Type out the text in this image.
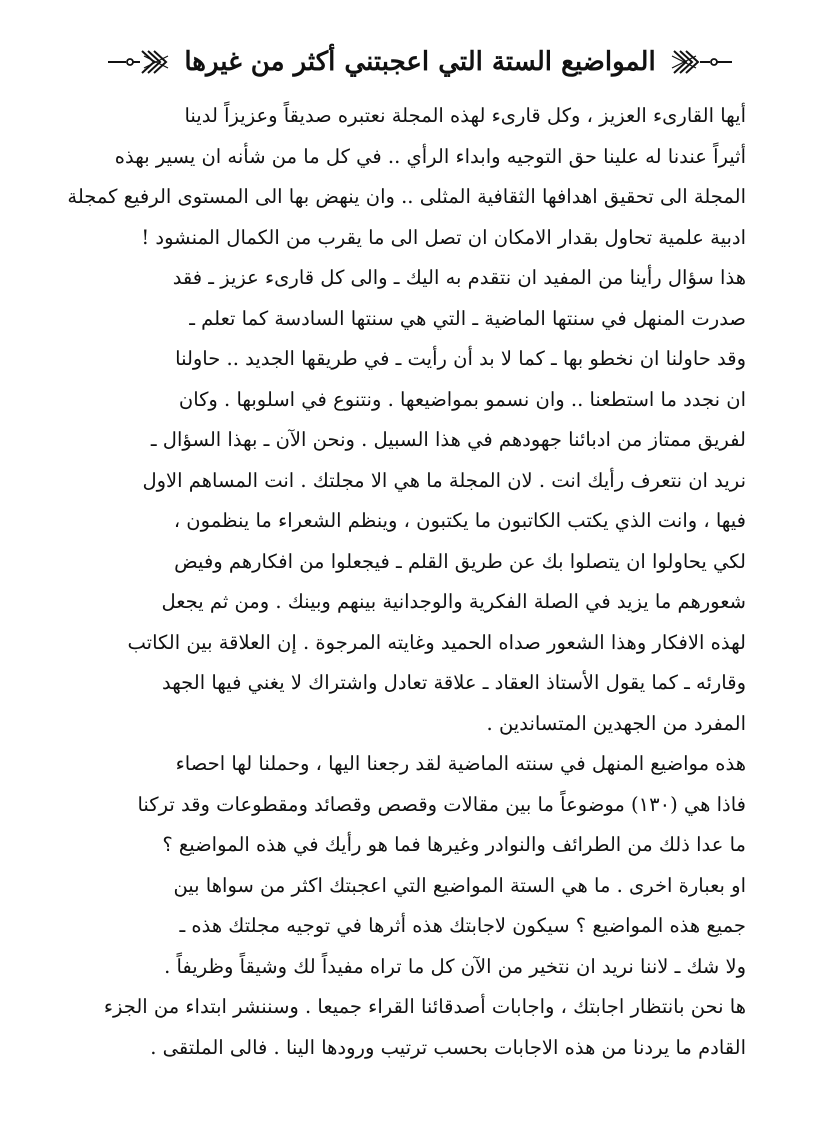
المواضيع الستة التي اعجبتني أكثر من غيرها

أيها القارىء العزيز ، وكل قارىء لهذه المجلة نعتبره صديقاً وعزيزاً لدينا
أثيراً عندنا له علينا حق التوجيه وابداء الرأي .. في كل ما من شأنه ان يسير بهذه
المجلة الى تحقيق اهدافها الثقافية المثلى .. وان ينهض بها الى المستوى الرفيع كمجلة
ادبية علمية تحاول بقدار الامكان ان تصل الى ما يقرب من الكمال المنشود !

هذا سؤال رأينا من المفيد ان نتقدم به اليك ـ والى كل قارىء عزيز ـ فقد
صدرت المنهل في سنتها الماضية ـ التي هي سنتها السادسة كما تعلم ـ

وقد حاولنا ان نخطو بها ـ كما لا بد أن رأيت ـ في طريقها الجديد .. حاولنا
ان نجدد ما استطعنا .. وان نسمو بمواضيعها . ونتنوع في اسلوبها . وكان
لفريق ممتاز من ادبائنا جهودهم في هذا السبيل . ونحن الآن ـ بهذا السؤال ـ
نريد ان نتعرف رأيك انت . لان المجلة ما هي الا مجلتك . انت المساهم الاول
فيها ، وانت الذي يكتب الكاتبون ما يكتبون ، وينظم الشعراء ما ينظمون ،
لكي يحاولوا ان يتصلوا بك عن طريق القلم ـ فيجعلوا من افكارهم وفيض
شعورهم ما يزيد في الصلة الفكرية والوجدانية بينهم وبينك . ومن ثم يجعل
لهذه الافكار وهذا الشعور صداه الحميد وغايته المرجوة . إن العلاقة بين الكاتب
وقارئه ـ كما يقول الأستاذ العقاد ـ علاقة تعادل واشتراك لا يغني فيها الجهد
المفرد من الجهدين المتساندين .

هذه مواضيع المنهل في سنته الماضية لقد رجعنا اليها ، وحملنا لها احصاء
فاذا هي (١٣٠) موضوعاً ما بين مقالات وقصص وقصائد ومقطوعات وقد تركنا
ما عدا ذلك من الطرائف والنوادر وغيرها فما هو رأيك في هذه المواضيع ؟
او بعبارة اخرى . ما هي الستة المواضيع التي اعجبتك اكثر من سواها بين
جميع هذه المواضيع ؟ سيكون لاجابتك هذه أثرها في توجيه مجلتك هذه ـ
ولا شك ـ لاننا نريد ان نتخير من الآن كل ما تراه مفيداً لك وشيقاً وظريفاً .
ها نحن بانتظار اجابتك ، واجابات أصدقائنا القراء جميعا . وسننشر ابتداء من الجزء
القادم ما يردنا من هذه الاجابات بحسب ترتيب ورودها الينا . فالى الملتقى .
